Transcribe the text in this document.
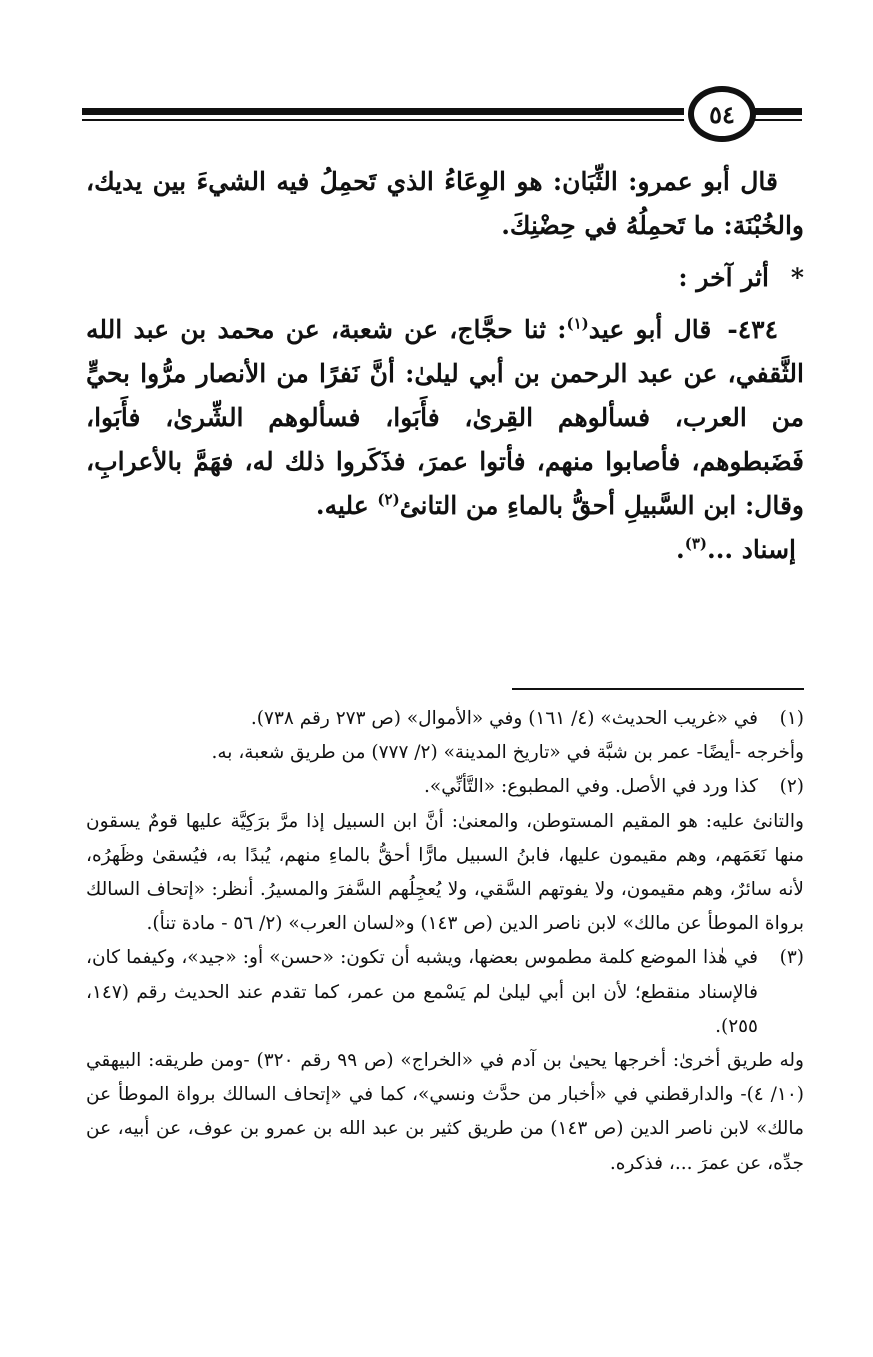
٥٤

قال أبو عمرو: الثِّبَان: هو الوِعَاءُ الذي تَحمِلُ فيه الشيءَ بين يديك، والخُبْنَة: ما تَحمِلُهُ في حِضْنِكَ.

*أثر آخر :

٤٣٤-قال أبو عيد$^{(١)}$: ثنا حجَّاج، عن شعبة، عن محمد بن عبد الله الثَّقفي، عن عبد الرحمن بن أبي ليلىٰ: أنَّ نَفرًا من الأنصار مرُّوا بحيٍّ من العرب، فسألوهم القِرىٰ، فأَبَوا، فسألوهم الشِّرىٰ، فأَبَوا، فَضَبطوهم، فأصابوا منهم، فأتوا عمرَ، فذَكَروا ذلك له، فهَمَّ بالأعرابِ، وقال: ابن السَّبيلِ أحقُّ بالماءِ من التانئ$^{(٢)}$ عليه.

إسناد ...$^{(٣)}$.

(١)

في «غريب الحديث» (٤/ ١٦١) وفي «الأموال» (ص ٢٧٣ رقم ٧٣٨).

وأخرجه -أيضًا- عمر بن شبَّة في «تاريخ المدينة» (٢/ ٧٧٧) من طريق شعبة، به.

(٢)

كذا ورد في الأصل. وفي المطبوع: «التَّأنِّي».

والتانئ عليه: هو المقيم المستوطن، والمعنىٰ: أنَّ ابن السبيل إذا مرَّ برَكِيَّة عليها قومٌ يسقون منها نَعَمَهم، وهم مقيمون عليها، فابنُ السبيل مارًّا أحقُّ بالماءِ منهم، يُبدًا به، فيُسقىٰ وظَهرُه، لأنه سائرٌ، وهم مقيمون، ولا يفوتهم السَّقي، ولا يُعجِلُهم السَّفرَ والمسيرُ. أنظر: «إتحاف السالك برواة الموطأ عن مالك» لابن ناصر الدين (ص ١٤٣) و«لسان العرب» (٢/ ٥٦ - مادة تنأ).

(٣)

في هٰذا الموضع كلمة مطموس بعضها، ويشبه أن تكون: «حسن» أو: «جيد»، وكيفما كان، فالإسناد منقطع؛ لأن ابن أبي ليلىٰ لم يَسْمع من عمر، كما تقدم عند الحديث رقم (١٤٧، ٢٥٥).

وله طريق أخرىٰ: أخرجها يحيىٰ بن آدم في «الخراج» (ص ٩٩ رقم ٣٢٠) -ومن طريقه: البيهقي (١٠/ ٤)- والدارقطني في «أخبار من حدَّث ونسي»، كما في «إتحاف السالك برواة الموطأ عن مالك» لابن ناصر الدين (ص ١٤٣) من طريق كثير بن عبد الله بن عمرو بن عوف، عن أبيه، عن جدِّه، عن عمرَ ...، فذكره.
